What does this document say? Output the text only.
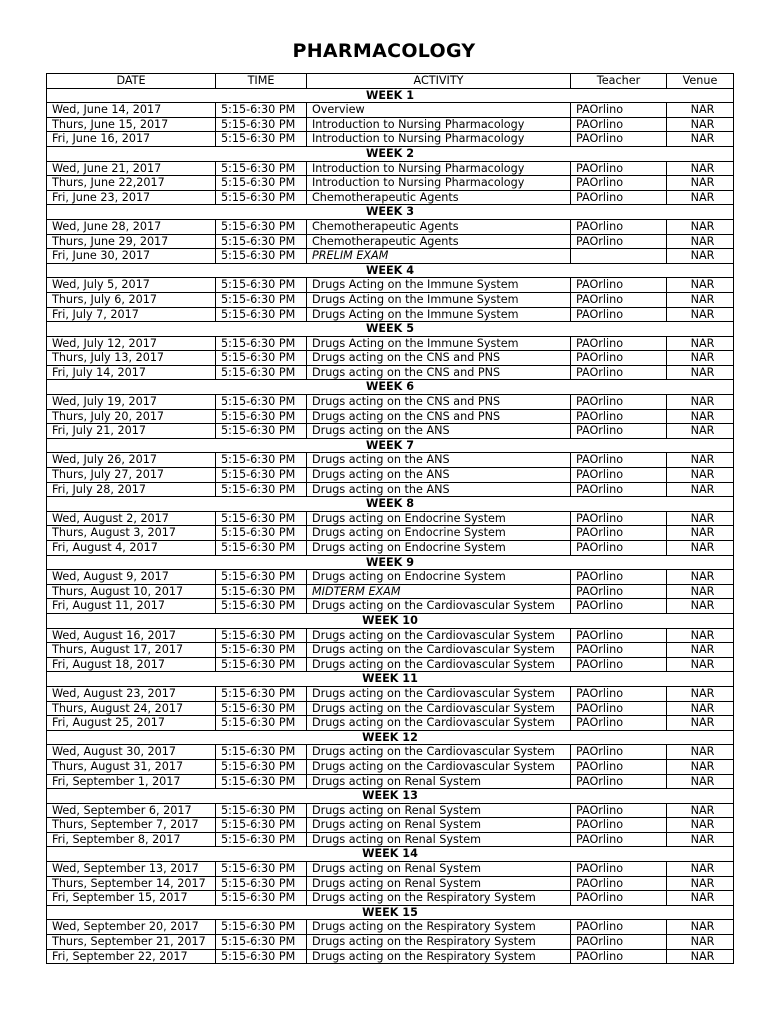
PHARMACOLOGY
DATE	TIME	ACTIVITY	Teacher	Venue
WEEK 1				
Wed, June 14, 2017	5:15-6:30 PM	Overview	PAOrlino	NAR
Thurs, June 15, 2017	5:15-6:30 PM	Introduction to Nursing Pharmacology	PAOrlino	NAR
Fri, June 16, 2017	5:15-6:30 PM	Introduction to Nursing Pharmacology	PAOrlino	NAR
WEEK 2				
Wed, June 21, 2017	5:15-6:30 PM	Introduction to Nursing Pharmacology	PAOrlino	NAR
Thurs, June 22,2017	5:15-6:30 PM	Introduction to Nursing Pharmacology	PAOrlino	NAR
Fri, June 23, 2017	5:15-6:30 PM	Chemotherapeutic Agents	PAOrlino	NAR
WEEK 3				
Wed, June 28, 2017	5:15-6:30 PM	Chemotherapeutic Agents	PAOrlino	NAR
Thurs, June 29, 2017	5:15-6:30 PM	Chemotherapeutic Agents	PAOrlino	NAR
Fri, June 30, 2017	5:15-6:30 PM	PRELIM EXAM		NAR
WEEK 4				
Wed, July 5, 2017	5:15-6:30 PM	Drugs Acting on the Immune System	PAOrlino	NAR
Thurs, July 6, 2017	5:15-6:30 PM	Drugs Acting on the Immune System	PAOrlino	NAR
Fri, July 7, 2017	5:15-6:30 PM	Drugs Acting on the Immune System	PAOrlino	NAR
WEEK 5				
Wed, July 12, 2017	5:15-6:30 PM	Drugs Acting on the Immune System	PAOrlino	NAR
Thurs, July 13, 2017	5:15-6:30 PM	Drugs acting on the CNS and PNS	PAOrlino	NAR
Fri, July 14, 2017	5:15-6:30 PM	Drugs acting on the CNS and PNS	PAOrlino	NAR
WEEK 6				
Wed, July 19, 2017	5:15-6:30 PM	Drugs acting on the CNS and PNS	PAOrlino	NAR
Thurs, July 20, 2017	5:15-6:30 PM	Drugs acting on the CNS and PNS	PAOrlino	NAR
Fri, July 21, 2017	5:15-6:30 PM	Drugs acting on the ANS	PAOrlino	NAR
WEEK 7				
Wed, July 26, 2017	5:15-6:30 PM	Drugs acting on the ANS	PAOrlino	NAR
Thurs, July 27, 2017	5:15-6:30 PM	Drugs acting on the ANS	PAOrlino	NAR
Fri, July 28, 2017	5:15-6:30 PM	Drugs acting on the ANS	PAOrlino	NAR
WEEK 8				
Wed, August 2, 2017	5:15-6:30 PM	Drugs acting on Endocrine System	PAOrlino	NAR
Thurs, August 3, 2017	5:15-6:30 PM	Drugs acting on Endocrine System	PAOrlino	NAR
Fri, August 4, 2017	5:15-6:30 PM	Drugs acting on Endocrine System	PAOrlino	NAR
WEEK 9				
Wed, August 9, 2017	5:15-6:30 PM	Drugs acting on Endocrine System	PAOrlino	NAR
Thurs, August 10, 2017	5:15-6:30 PM	MIDTERM EXAM	PAOrlino	NAR
Fri, August 11, 2017	5:15-6:30 PM	Drugs acting on the Cardiovascular System	PAOrlino	NAR
WEEK 10				
Wed, August 16, 2017	5:15-6:30 PM	Drugs acting on the Cardiovascular System	PAOrlino	NAR
Thurs, August 17, 2017	5:15-6:30 PM	Drugs acting on the Cardiovascular System	PAOrlino	NAR
Fri, August 18, 2017	5:15-6:30 PM	Drugs acting on the Cardiovascular System	PAOrlino	NAR
WEEK 11				
Wed, August 23, 2017	5:15-6:30 PM	Drugs acting on the Cardiovascular System	PAOrlino	NAR
Thurs, August 24, 2017	5:15-6:30 PM	Drugs acting on the Cardiovascular System	PAOrlino	NAR
Fri, August 25, 2017	5:15-6:30 PM	Drugs acting on the Cardiovascular System	PAOrlino	NAR
WEEK 12				
Wed, August 30, 2017	5:15-6:30 PM	Drugs acting on the Cardiovascular System	PAOrlino	NAR
Thurs, August 31, 2017	5:15-6:30 PM	Drugs acting on the Cardiovascular System	PAOrlino	NAR
Fri, September 1, 2017	5:15-6:30 PM	Drugs acting on Renal System	PAOrlino	NAR
WEEK 13				
Wed, September 6, 2017	5:15-6:30 PM	Drugs acting on Renal System	PAOrlino	NAR
Thurs, September 7, 2017	5:15-6:30 PM	Drugs acting on Renal System	PAOrlino	NAR
Fri, September 8, 2017	5:15-6:30 PM	Drugs acting on Renal System	PAOrlino	NAR
WEEK 14				
Wed, September 13, 2017	5:15-6:30 PM	Drugs acting on Renal System	PAOrlino	NAR
Thurs, September 14, 2017	5:15-6:30 PM	Drugs acting on Renal System	PAOrlino	NAR
Fri, September 15, 2017	5:15-6:30 PM	Drugs acting on the Respiratory System	PAOrlino	NAR
WEEK 15				
Wed, September 20, 2017	5:15-6:30 PM	Drugs acting on the Respiratory System	PAOrlino	NAR
Thurs, September 21, 2017	5:15-6:30 PM	Drugs acting on the Respiratory System	PAOrlino	NAR
Fri, September 22, 2017	5:15-6:30 PM	Drugs acting on the Respiratory System	PAOrlino	NAR
